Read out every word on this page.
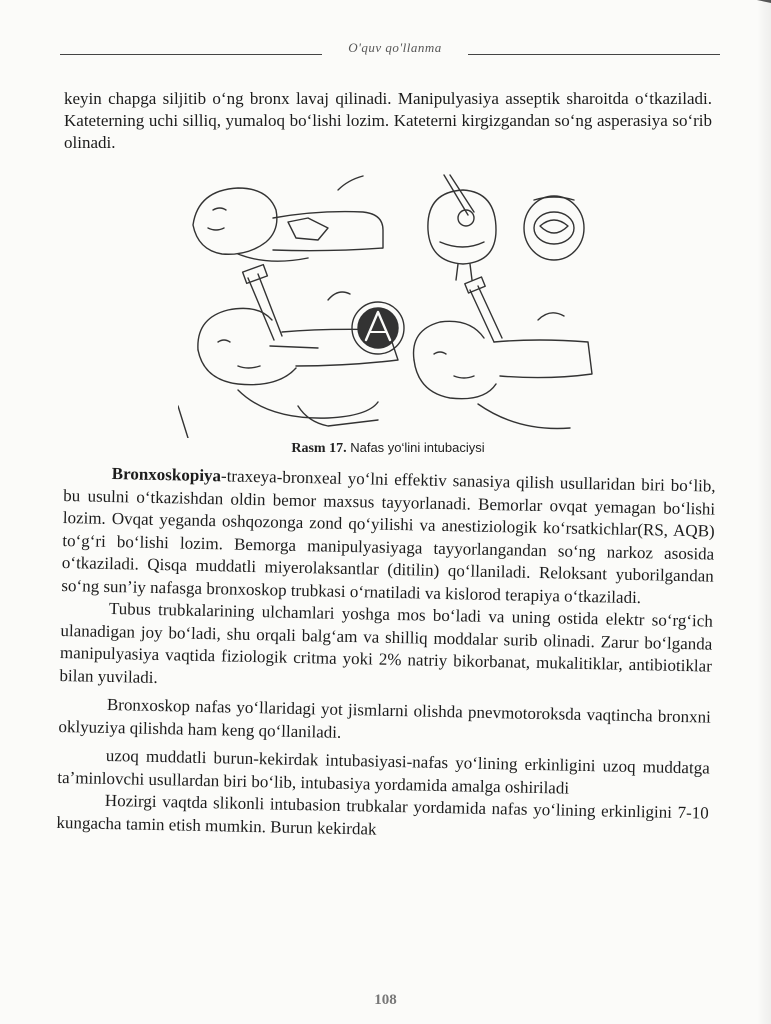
O'quv qo'llanma

keyin chapga siljitib o‘ng bronx lavaj qilinadi. Manipulyasiya asseptik sharoitda o‘tkaziladi. Kateterning uchi silliq, yumaloq bo‘lishi lozim. Kateterni kirgizgandan so‘ng asperasiya so‘rib olinadi.

Rasm 17. Nafas yo‘lini intubaciysi

Bronxoskopiya-traxeya-bronxeal yo‘lni effektiv sanasiya qilish usullaridan biri bo‘lib, bu usulni o‘tkazishdan oldin bemor maxsus tayyorlanadi. Bemorlar ovqat yemagan bo‘lishi lozim. Ovqat yeganda oshqozonga zond qo‘yilishi va anestiziologik ko‘rsatkichlar(RS, AQB) to‘g‘ri bo‘lishi lozim. Bemorga manipulyasiyaga tayyorlangandan so‘ng narkoz asosida o‘tkaziladi. Qisqa muddatli miyerolaksantlar (ditilin) qo‘llaniladi. Reloksant yuborilgandan so‘ng sun’iy nafasga bronxoskop trubkasi o‘rnatiladi va kislorod terapiya o‘tkaziladi.

Tubus trubkalarining ulchamlari yoshga mos bo‘ladi va uning ostida elektr so‘rg‘ich ulanadigan joy bo‘ladi, shu orqali balg‘am va shilliq moddalar surib olinadi. Zarur bo‘lganda manipulyasiya vaqtida fiziologik critma yoki 2% natriy bikorbanat, mukalitiklar, antibiotiklar bilan yuviladi.

Bronxoskop nafas yo‘llaridagi yot jismlarni olishda pnevmotoroksda vaqtincha bronxni oklyuziya qilishda ham keng qo‘llaniladi.

uzoq muddatli burun-kekirdak intubasiyasi-nafas yo‘lining erkinligini uzoq muddatga ta’minlovchi usullardan biri bo‘lib, intubasiya yordamida amalga oshiriladi

Hozirgi vaqtda slikonli intubasion trubkalar yordamida nafas yo‘lining erkinligini 7-10 kungacha tamin etish mumkin. Burun kekirdak

108
